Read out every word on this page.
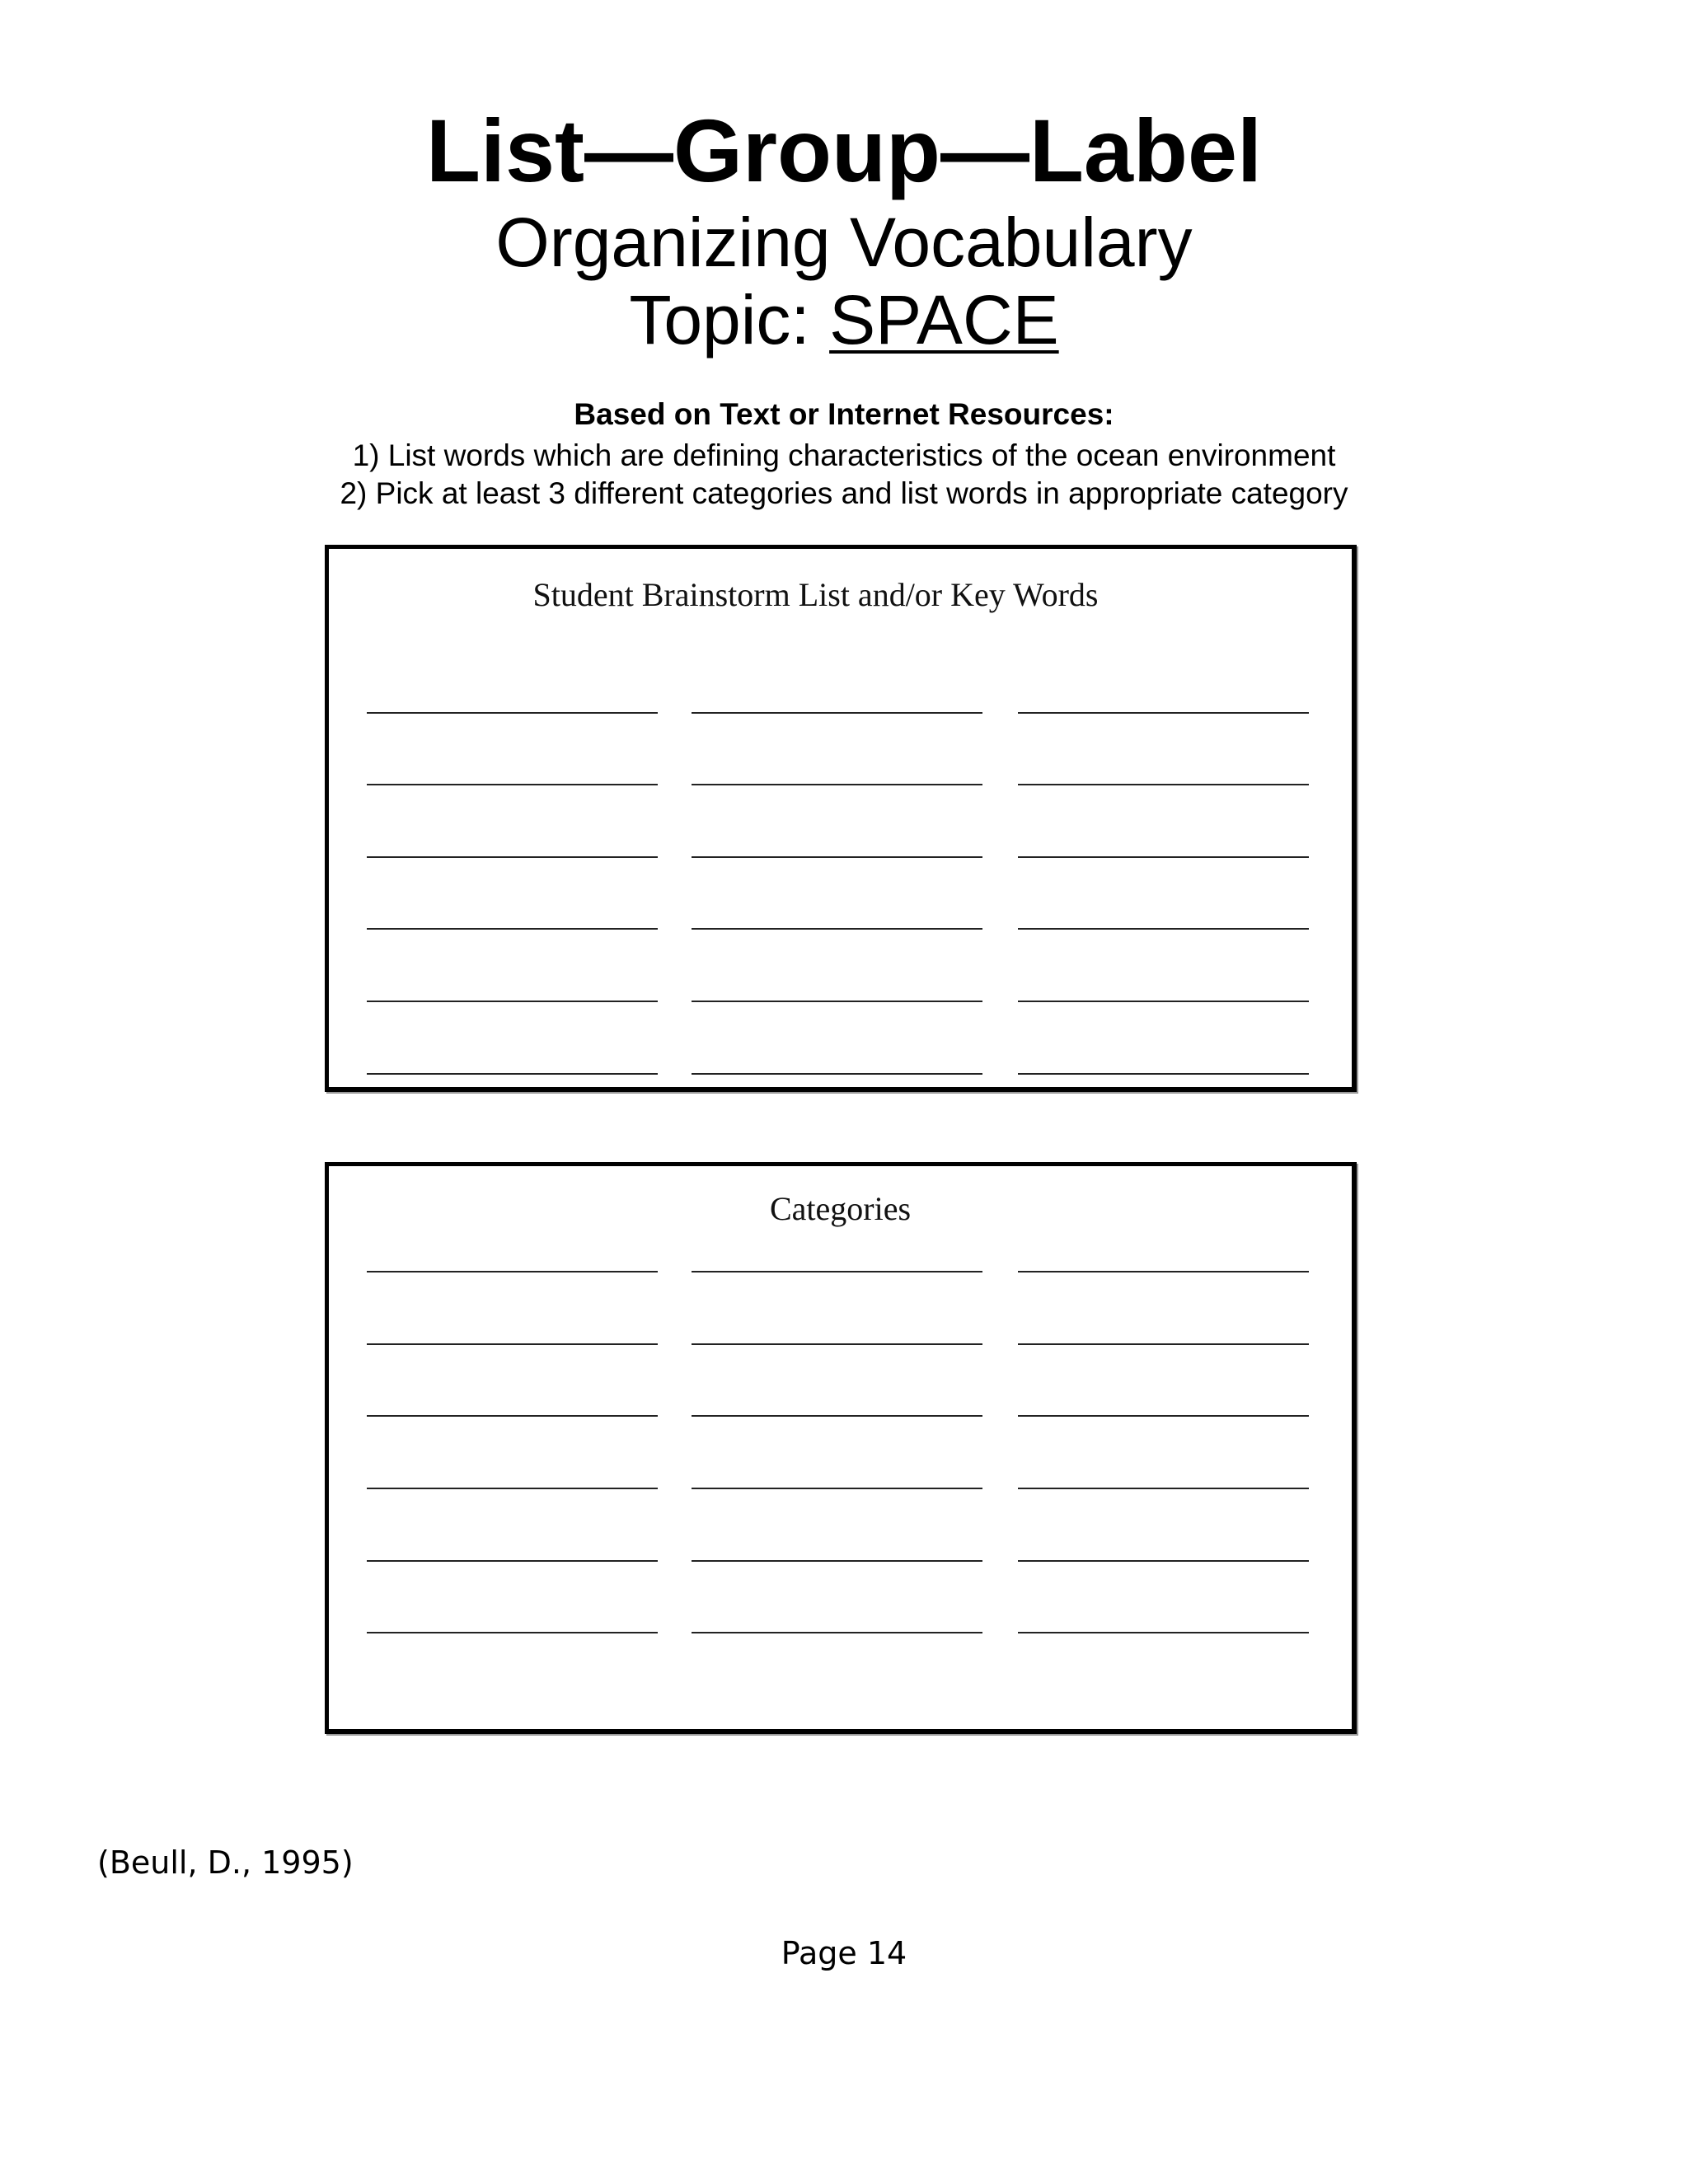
List—Group—Label
Organizing Vocabulary
Topic: SPACE
Based on Text or Internet Resources:
1) List words which are defining characteristics of the ocean environment
2) Pick at least 3 different categories and list words in appropriate category
Student Brainstorm List and/or Key Words
Categories
(Beull, D., 1995)
Page 14
